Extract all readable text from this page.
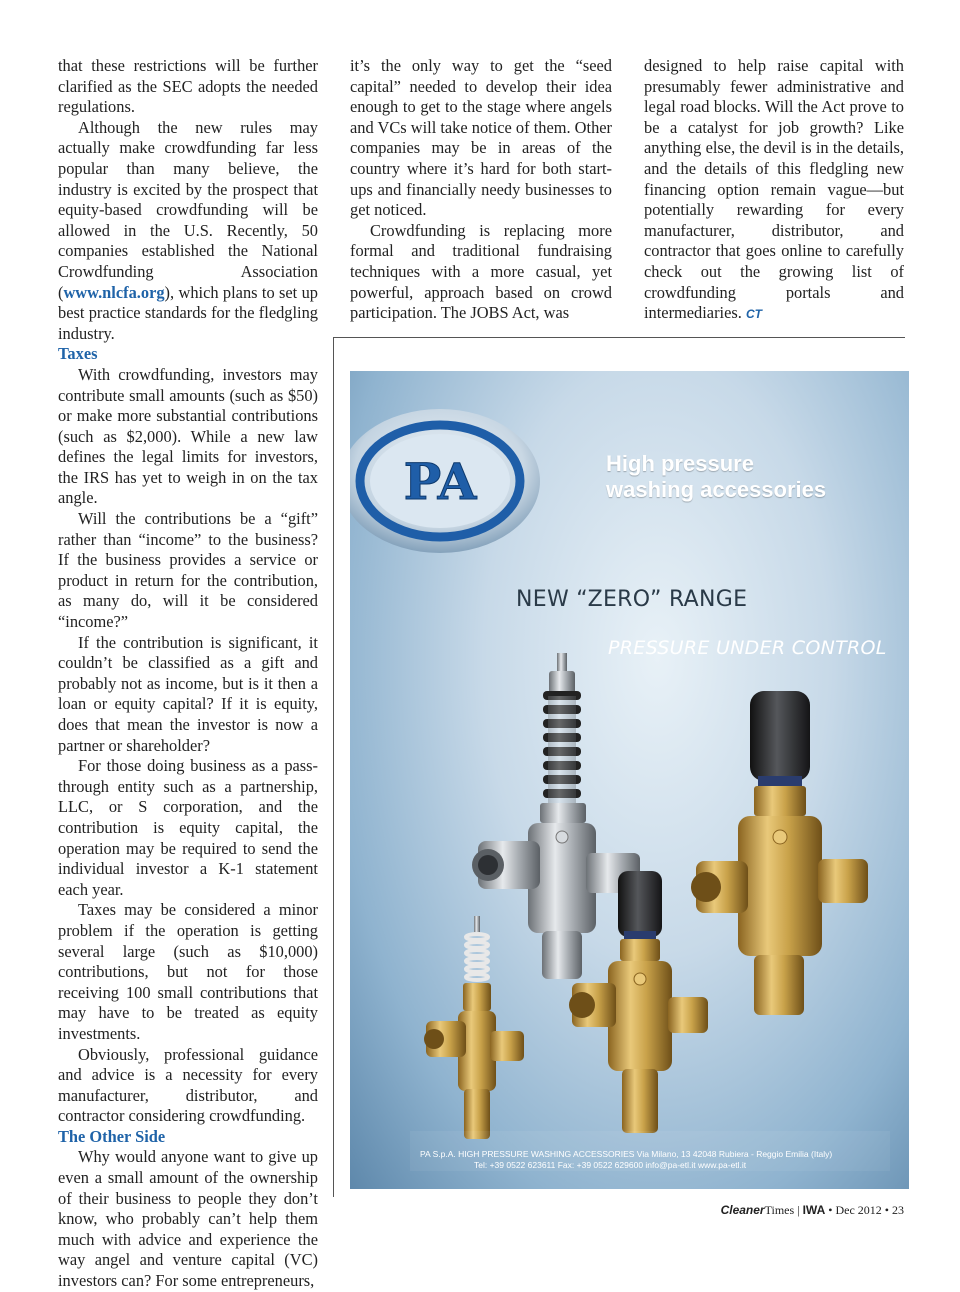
that these restrictions will be further clarified as the SEC adopts the needed regulations.

Although the new rules may actually make crowdfunding far less popular than many believe, the industry is excited by the prospect that equity-based crowdfunding will be allowed in the U.S. Recently, 50 companies established the National Crowdfunding Association (www.nlcfa.org), which plans to set up best practice standards for the fledgling industry.

Taxes

With crowdfunding, investors may contribute small amounts (such as $50) or make more substantial contributions (such as $2,000). While a new law defines the legal limits for investors, the IRS has yet to weigh in on the tax angle.

Will the contributions be a “gift” rather than “income” to the business? If the business provides a service or product in return for the contribution, as many do, will it be considered “income?”

If the contribution is significant, it couldn’t be classified as a gift and probably not as income, but is it then a loan or equity capital? If it is equity, does that mean the investor is now a partner or shareholder?

For those doing business as a pass-through entity such as a partnership, LLC, or S corporation, and the contribution is equity capital, the operation may be required to send the individual investor a K-1 statement each year.

Taxes may be considered a minor problem if the operation is getting several large (such as $10,000) contributions, but not for those receiving 100 small contributions that may have to be treated as equity investments.

Obviously, professional guidance and advice is a necessity for every manufacturer, distributor, and contractor considering crowdfunding.

The Other Side

Why would anyone want to give up even a small amount of the ownership of their business to people they don’t know, who probably can’t help them much with advice and experience the way angel and venture capital (VC) investors can? For some entrepreneurs,

it’s the only way to get the “seed capital” needed to develop their idea enough to get to the stage where angels and VCs will take notice of them. Other companies may be in areas of the country where it’s hard for both start-ups and financially needy businesses to get noticed.

Crowdfunding is replacing more formal and traditional fundraising techniques with a more casual, yet powerful, approach based on crowd participation. The JOBS Act, was

designed to help raise capital with presumably fewer administrative and legal road blocks. Will the Act prove to be a catalyst for job growth? Like anything else, the devil is in the details, and the details of this fledgling new financing option remain vague—but potentially rewarding for every manufacturer, distributor, and contractor that goes online to carefully check out the growing list of crowdfunding portals and intermediaries. CT

PA	High pressure
washing accessories
NEW “ZERO” RANGE
PRESSURE UNDER CONTROL
PA S.p.A. HIGH PRESSURE WASHING ACCESSORIES Via Milano, 13 42048 Rubiera - Reggio Emilia (Italy)
Tel: +39 0522 623611 Fax: +39 0522 629600 info@pa-etl.it www.pa-etl.it
CleanerTimes | IWA • Dec 2012 • 23
